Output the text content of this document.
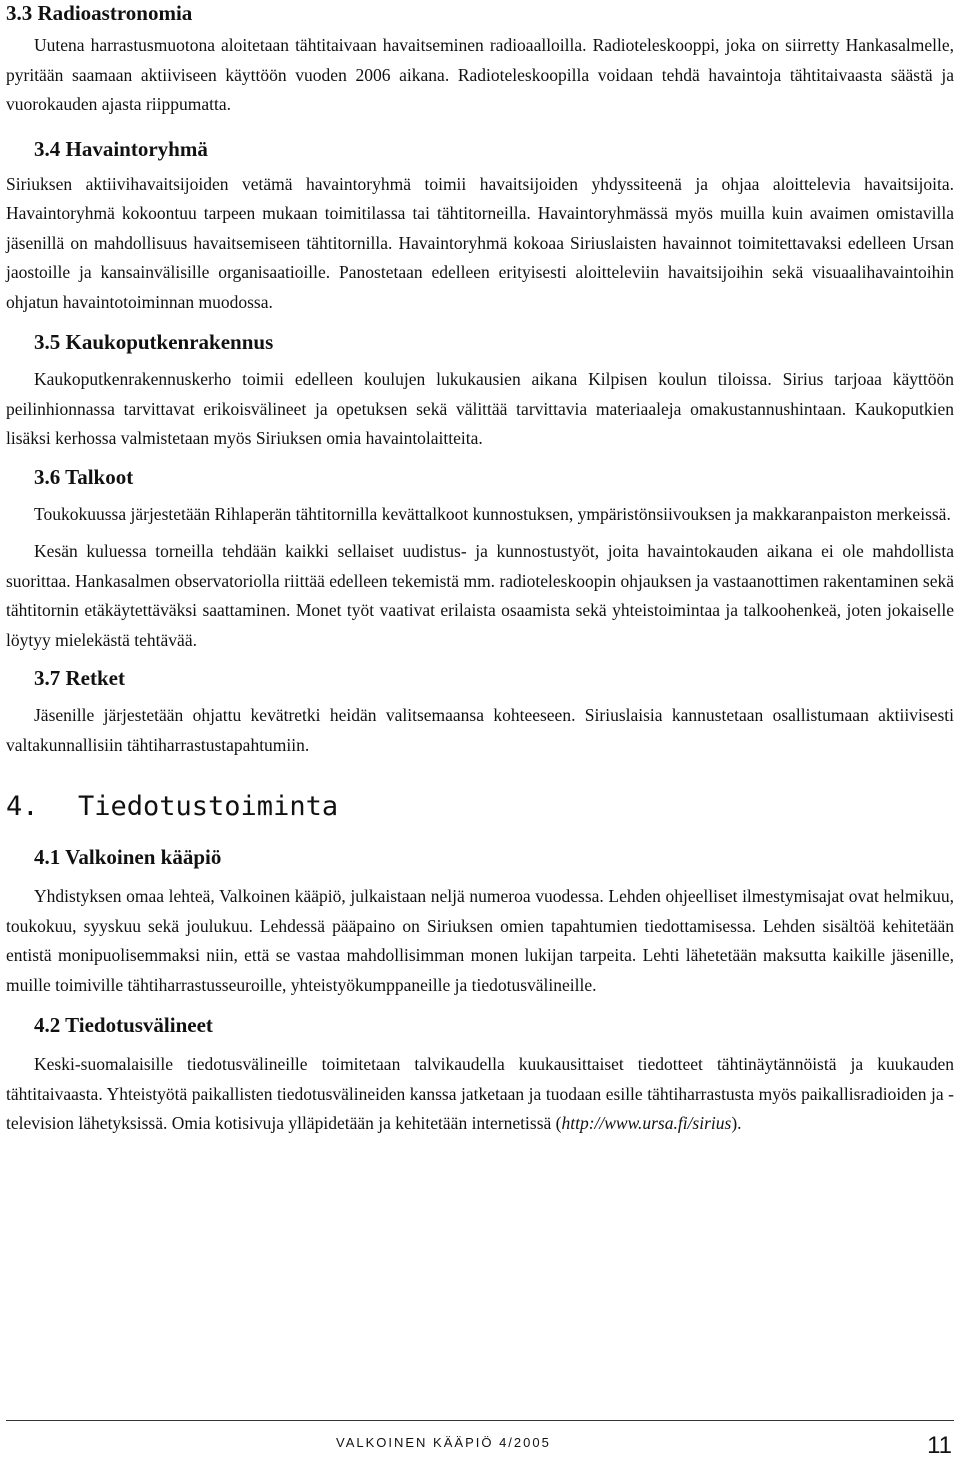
3.3 Radioastronomia

Uutena harrastusmuotona aloitetaan tähtitaivaan havaitseminen radioaalloilla. Radioteleskooppi, joka on siirretty Hankasalmelle, pyritään saamaan aktiiviseen käyttöön vuoden 2006 aikana. Radioteleskoopilla voidaan tehdä havaintoja tähtitaivaasta säästä ja vuorokauden ajasta riippumatta.

3.4 Havaintoryhmä

Siriuksen aktiivihavaitsijoiden vetämä havaintoryhmä toimii havaitsijoiden yhdyssiteenä ja ohjaa aloittelevia havaitsijoita. Havaintoryhmä kokoontuu tarpeen mukaan toimitilassa tai tähtitorneilla. Havaintoryhmässä myös muilla kuin avaimen omistavilla jäsenillä on mahdollisuus havaitsemiseen tähtitornilla. Havaintoryhmä kokoaa Siriuslaisten havainnot toimitettavaksi edelleen Ursan jaostoille ja kansainvälisille organisaatioille. Panostetaan edelleen erityisesti aloitteleviin havaitsijoihin sekä visuaalihavaintoihin ohjatun havaintotoiminnan muodossa.

3.5 Kaukoputkenrakennus

Kaukoputkenrakennuskerho toimii edelleen koulujen lukukausien aikana Kilpisen koulun tiloissa. Sirius tarjoaa käyttöön peilinhionnassa tarvittavat erikoisvälineet ja opetuksen sekä välittää tarvittavia materiaaleja omakustannushintaan. Kaukoputkien lisäksi kerhossa valmistetaan myös Siriuksen omia havaintolaitteita.

3.6 Talkoot

Toukokuussa järjestetään Rihlaperän tähtitornilla kevättalkoot kunnostuksen, ympäristönsiivouksen ja makkaranpaiston merkeissä.

Kesän kuluessa torneilla tehdään kaikki sellaiset uudistus- ja kunnostustyöt, joita havaintokauden aikana ei ole mahdollista suorittaa. Hankasalmen observatoriolla riittää edelleen tekemistä mm. radioteleskoopin ohjauksen ja vastaanottimen rakentaminen sekä tähtitornin etäkäytettäväksi saattaminen. Monet työt vaativat erilaista osaamista sekä yhteistoimintaa ja talkoohenkeä, joten jokaiselle löytyy mielekästä tehtävää.

3.7 Retket

Jäsenille järjestetään ohjattu kevätretki heidän valitsemaansa kohteeseen. Siriuslaisia kannustetaan osallistumaan aktiivisesti valtakunnallisiin tähtiharrastustapahtumiin.

4. Tiedotustoiminta
4.1 Valkoinen kääpiö

Yhdistyksen omaa lehteä, Valkoinen kääpiö, julkaistaan neljä numeroa vuodessa. Lehden ohjeelliset ilmestymisajat ovat helmikuu, toukokuu, syyskuu sekä joulukuu. Lehdessä pääpaino on Siriuksen omien tapahtumien tiedottamisessa. Lehden sisältöä kehitetään entistä monipuolisemmaksi niin, että se vastaa mahdollisimman monen lukijan tarpeita. Lehti lähetetään maksutta kaikille jäsenille, muille toimiville tähtiharrastusseuroille, yhteistyökumppaneille ja tiedotusvälineille.

4.2 Tiedotusvälineet

Keski-suomalaisille tiedotusvälineille toimitetaan talvikaudella kuukausittaiset tiedotteet tähtinäytännöistä ja kuukauden tähtitaivaasta. Yhteistyötä paikallisten tiedotusvälineiden kanssa jatketaan ja tuodaan esille tähtiharrastusta myös paikallisradioiden ja -television lähetyksissä. Omia kotisivuja ylläpidetään ja kehitetään internetissä (http://www.ursa.fi/sirius).

VALKOINEN KÄÄPIÖ 4/2005	11
